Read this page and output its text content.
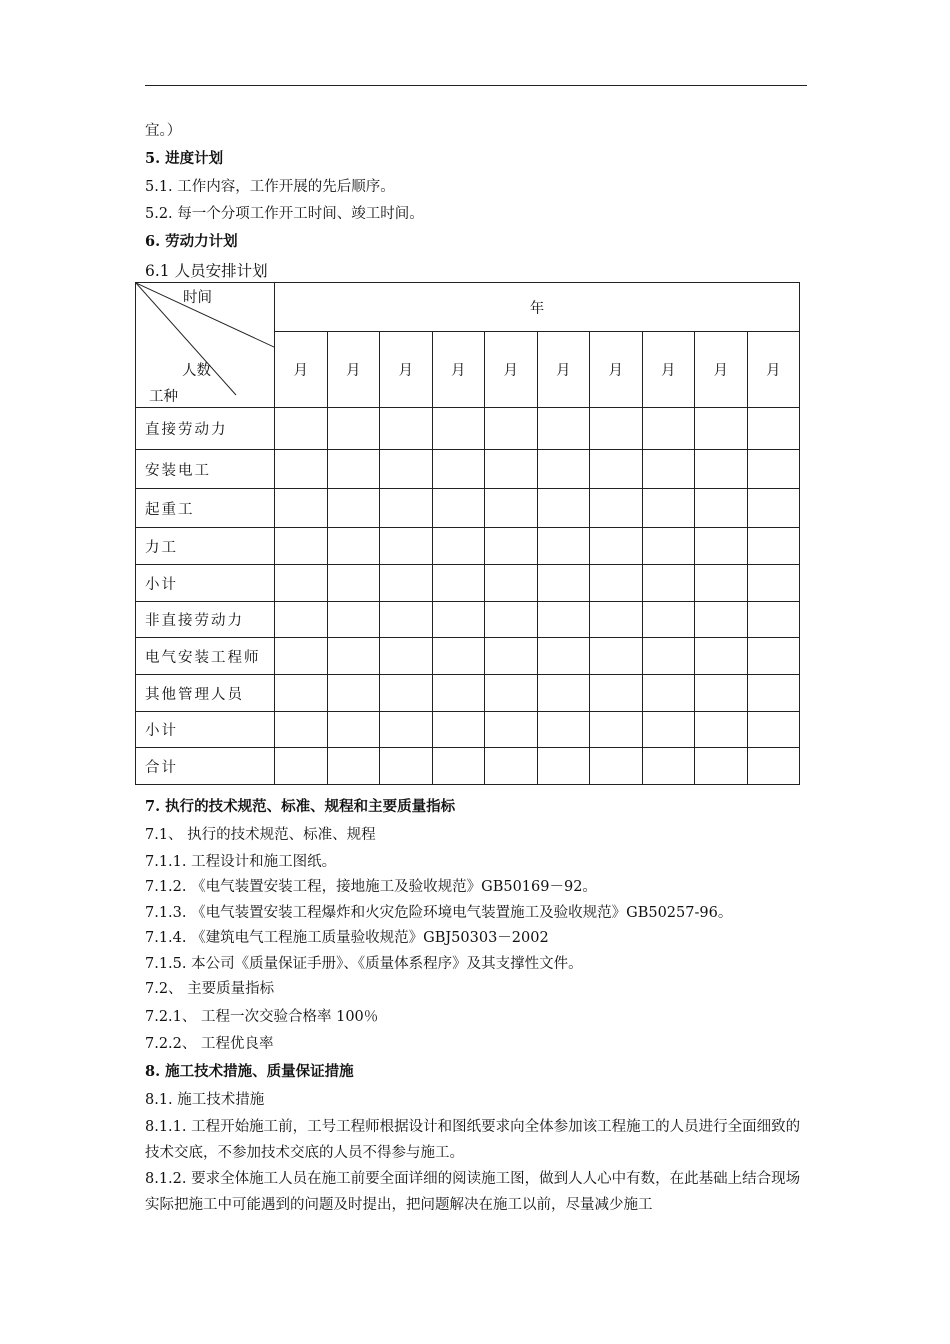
宜。）
5. 进度计划
5.1. 工作内容，工作开展的先后顺序。
5.2. 每一个分项工作开工时间、竣工时间。
6. 劳动力计划
6.1 人员安排计划
时间
人数
工种	年									
	月	月	月	月	月	月	月	月	月	月
直接劳动力										
安装电工										
起重工										
力工										
小计										
非直接劳动力										
电气安装工程师										
其他管理人员										
小计										
合计										
7. 执行的技术规范、标准、规程和主要质量指标
7.1、 执行的技术规范、标准、规程
7.1.1. 工程设计和施工图纸。
7.1.2. 《电气装置安装工程，接地施工及验收规范》GB50169－92。
7.1.3. 《电气装置安装工程爆炸和火灾危险环境电气装置施工及验收规范》GB50257-96。
7.1.4. 《建筑电气工程施工质量验收规范》GBJ50303－2002
7.1.5. 本公司《质量保证手册》、《质量体系程序》及其支撑性文件。
7.2、 主要质量指标
7.2.1、 工程一次交验合格率 100％
7.2.2、 工程优良率
8. 施工技术措施、质量保证措施
8.1. 施工技术措施
8.1.1. 工程开始施工前，工号工程师根据设计和图纸要求向全体参加该工程施工的人员进行全面细致的技术交底，不参加技术交底的人员不得参与施工。
8.1.2. 要求全体施工人员在施工前要全面详细的阅读施工图，做到人人心中有数，在此基础上结合现场实际把施工中可能遇到的问题及时提出，把问题解决在施工以前，尽量减少施工
